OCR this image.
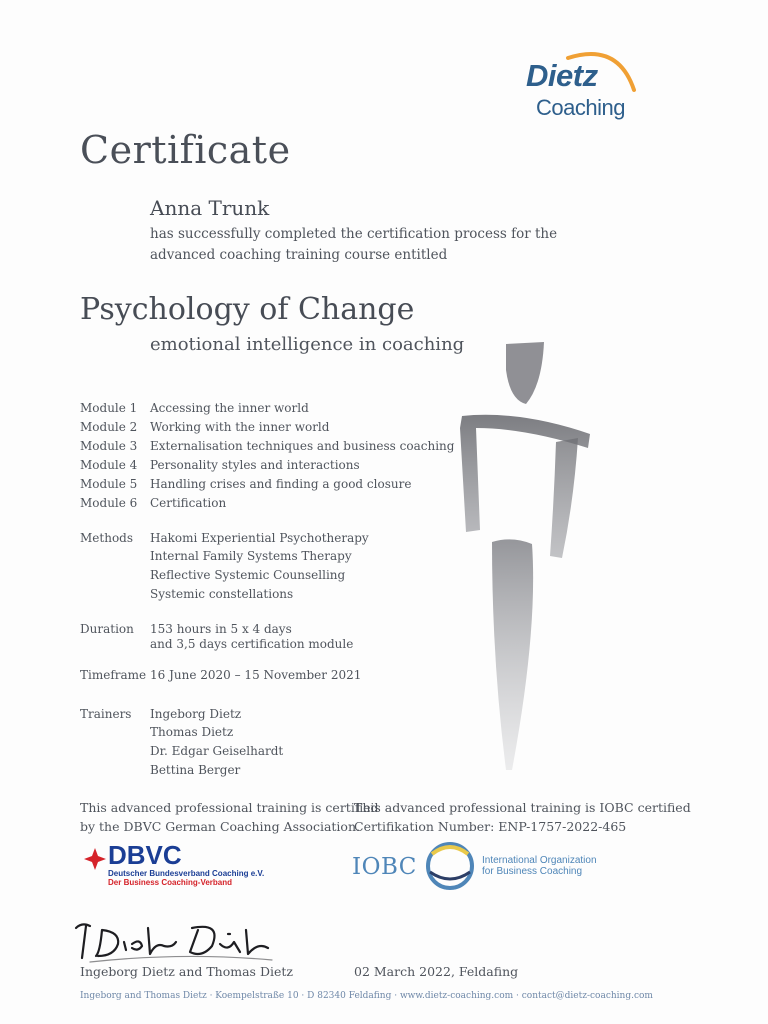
Dietz
Coaching
Certificate
Anna Trunk
has successfully completed the certification process for the
advanced coaching training course entitled
Psychology of Change
emotional intelligence in coaching
Module 1 Accessing the inner world
Module 2 Working with the inner world
Module 3 Externalisation techniques and business coaching
Module 4 Personality styles and interactions
Module 5 Handling crises and finding a good closure
Module 6 Certification
Methods Hakomi Experiential Psychotherapy
Internal Family Systems Therapy
Reflective Systemic Counselling
Systemic constellations
Duration 153 hours in 5 x 4 days
and 3,5 days certification module
Timeframe 16 June 2020 – 15 November 2021
Trainers Ingeborg Dietz
Thomas Dietz
Dr. Edgar Geiselhardt
Bettina Berger
This advanced professional training is certified
by the DBVC German Coaching Association.
This advanced professional training is IOBC certified
Certifikation Number: ENP-1757-2022-465
DBVC
Deutscher Bundesverband Coaching e.V.
Der Business Coaching-Verband
IOBC	International Organization
for Business Coaching
Ingeborg Dietz and Thomas Dietz	02 March 2022, Feldafing
Ingeborg and Thomas Dietz · Koempelstraße 10 · D 82340 Feldafing · www.dietz-coaching.com · contact@dietz-coaching.com
